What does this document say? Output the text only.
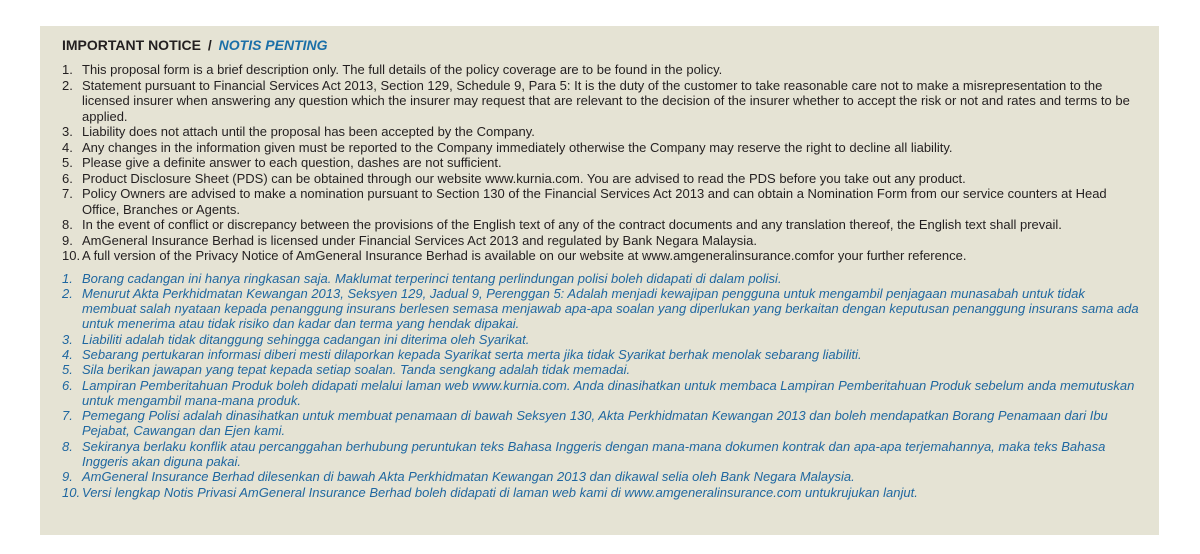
IMPORTANT NOTICE / NOTIS PENTING
1. This proposal form is a brief description only. The full details of the policy coverage are to be found in the policy.
2. Statement pursuant to Financial Services Act 2013, Section 129, Schedule 9, Para 5: It is the duty of the customer to take reasonable care not to make a misrepresentation to the licensed insurer when answering any question which the insurer may request that are relevant to the decision of the insurer whether to accept the risk or not and rates and terms to be applied.
3. Liability does not attach until the proposal has been accepted by the Company.
4. Any changes in the information given must be reported to the Company immediately otherwise the Company may reserve the right to decline all liability.
5. Please give a definite answer to each question, dashes are not sufficient.
6. Product Disclosure Sheet (PDS) can be obtained through our website www.kurnia.com. You are advised to read the PDS before you take out any product.
7. Policy Owners are advised to make a nomination pursuant to Section 130 of the Financial Services Act 2013 and can obtain a Nomination Form from our service counters at Head Office, Branches or Agents.
8. In the event of conflict or discrepancy between the provisions of the English text of any of the contract documents and any translation thereof, the English text shall prevail.
9. AmGeneral Insurance Berhad is licensed under Financial Services Act 2013 and regulated by Bank Negara Malaysia.
10. A full version of the Privacy Notice of AmGeneral Insurance Berhad is available on our website at www.amgeneralinsurance.comfor your further reference.
1. Borang cadangan ini hanya ringkasan saja. Maklumat terperinci tentang perlindungan polisi boleh didapati di dalam polisi.
2. Menurut Akta Perkhidmatan Kewangan 2013, Seksyen 129, Jadual 9, Perenggan 5: Adalah menjadi kewajipan pengguna untuk mengambil penjagaan munasabah untuk tidak membuat salah nyataan kepada penanggung insurans berlesen semasa menjawab apa-apa soalan yang diperlukan yang berkaitan dengan keputusan penanggung insurans sama ada untuk menerima atau tidak risiko dan kadar dan terma yang hendak dipakai.
3. Liabiliti adalah tidak ditanggung sehingga cadangan ini diterima oleh Syarikat.
4. Sebarang pertukaran informasi diberi mesti dilaporkan kepada Syarikat serta merta jika tidak Syarikat berhak menolak sebarang liabiliti.
5. Sila berikan jawapan yang tepat kepada setiap soalan. Tanda sengkang adalah tidak memadai.
6. Lampiran Pemberitahuan Produk boleh didapati melalui laman web www.kurnia.com. Anda dinasihatkan untuk membaca Lampiran Pemberitahuan Produk sebelum anda memutuskan untuk mengambil mana-mana produk.
7. Pemegang Polisi adalah dinasihatkan untuk membuat penamaan di bawah Seksyen 130, Akta Perkhidmatan Kewangan 2013 dan boleh mendapatkan Borang Penamaan dari Ibu Pejabat, Cawangan dan Ejen kami.
8. Sekiranya berlaku konflik atau percanggahan berhubung peruntukan teks Bahasa Inggeris dengan mana-mana dokumen kontrak dan apa-apa terjemahannya, maka teks Bahasa Inggeris akan diguna pakai.
9. AmGeneral Insurance Berhad dilesenkan di bawah Akta Perkhidmatan Kewangan 2013 dan dikawal selia oleh Bank Negara Malaysia.
10. Versi lengkap Notis Privasi AmGeneral Insurance Berhad boleh didapati di laman web kami di www.amgeneralinsurance.com untukrujukan lanjut.
